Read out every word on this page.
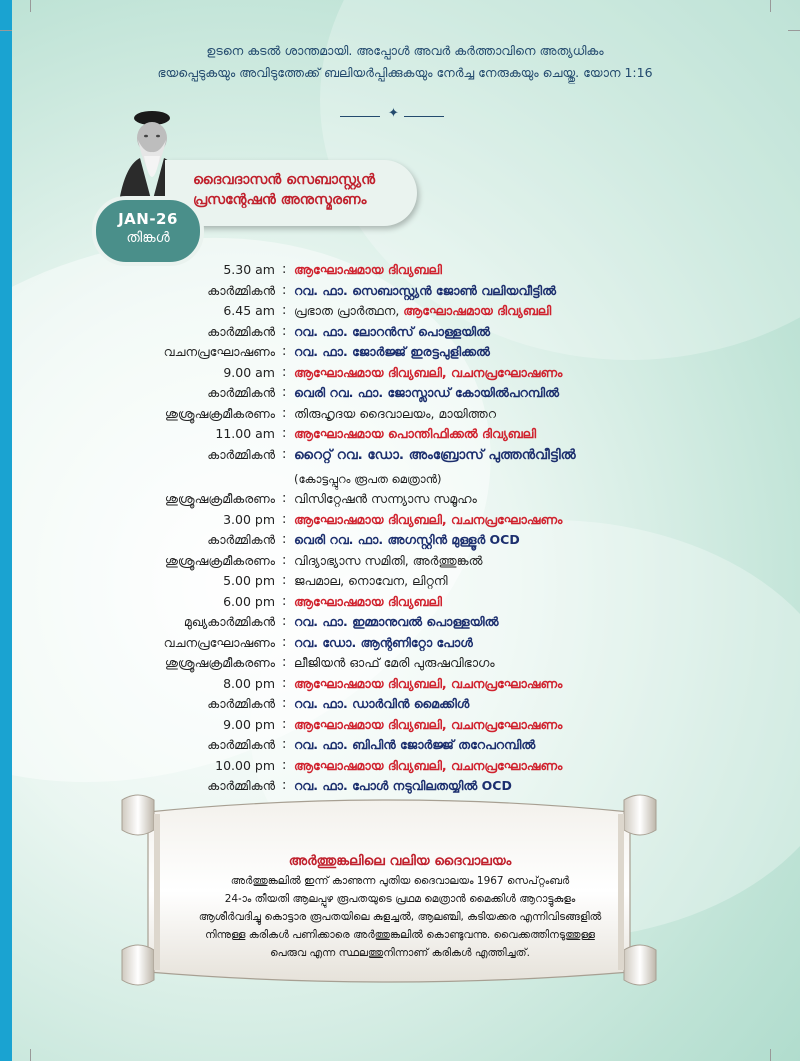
ഉടനെ കടൽ ശാന്തമായി. അപ്പോൾ അവർ കർത്താവിനെ അത്യധികം
ഭയപ്പെടുകയും അവിടുത്തേക്ക് ബലിയർപ്പിക്കുകയും നേർച്ച നേരുകയും ചെയ്തു. യോന 1:16
✦
ദൈവദാസൻ സെബാസ്റ്റ്യൻ
പ്രസന്റേഷൻ അനുസ്മരണം
JAN-26
തിങ്കൾ
5.30 am : ആഘോഷമായ ദിവ്യബലി
കാർമ്മികൻ : റവ. ഫാ. സെബാസ്റ്റ്യൻ ജോൺ വലിയവീട്ടിൽ
6.45 am : പ്രഭാത പ്രാർത്ഥന, ആഘോഷമായ ദിവ്യബലി
കാർമ്മികൻ : റവ. ഫാ. ലോറൻസ് പൊള്ളയിൽ
വചനപ്രഘോഷണം : റവ. ഫാ. ജോർജ്ജ് ഇരട്ടപുളിക്കൽ
9.00 am : ആഘോഷമായ ദിവ്യബലി, വചനപ്രഘോഷണം
കാർമ്മികൻ : വെരി റവ. ഫാ. ജോസ്ലാഡ് കോയിൽപറമ്പിൽ
ശുശ്രൂഷക്രമീകരണം : തിരുഹൃദയ ദൈവാലയം, മായിത്തറ
11.00 am : ആഘോഷമായ പൊന്തിഫിക്കൽ ദിവ്യബലി
കാർമ്മികൻ : റൈറ്റ് റവ. ഡോ. അംബ്രോസ് പുത്തൻവീട്ടിൽ
(കോട്ടപ്പുറം രൂപത മെത്രാൻ)
ശുശ്രൂഷക്രമീകരണം : വിസിറ്റേഷൻ സന്ന്യാസ സമൂഹം
3.00 pm : ആഘോഷമായ ദിവ്യബലി, വചനപ്രഘോഷണം
കാർമ്മികൻ : വെരി റവ. ഫാ. അഗസ്റ്റിൻ മുള്ളൂർ OCD
ശുശ്രൂഷക്രമീകരണം : വിദ്യാഭ്യാസ സമിതി, അർത്തുങ്കൽ
5.00 pm : ജപമാല, നൊവേന, ലിറ്റനി
6.00 pm : ആഘോഷമായ ദിവ്യബലി
മുഖ്യകാർമ്മികൻ : റവ. ഫാ. ഇമ്മാനുവൽ പൊള്ളയിൽ
വചനപ്രഘോഷണം : റവ. ഡോ. ആന്റണിറ്റോ പോൾ
ശുശ്രൂഷക്രമീകരണം : ലീജിയൻ ഓഫ് മേരി പുരുഷവിഭാഗം
8.00 pm : ആഘോഷമായ ദിവ്യബലി, വചനപ്രഘോഷണം
കാർമ്മികൻ : റവ. ഫാ. ഡാർവിൻ മൈക്കിൾ
9.00 pm : ആഘോഷമായ ദിവ്യബലി, വചനപ്രഘോഷണം
കാർമ്മികൻ : റവ. ഫാ. ബിപിൻ ജോർജ്ജ് തറേപറമ്പിൽ
10.00 pm : ആഘോഷമായ ദിവ്യബലി, വചനപ്രഘോഷണം
കാർമ്മികൻ : റവ. ഫാ. പോൾ നടുവിലതയ്യിൽ OCD
അർത്തുങ്കലിലെ വലിയ ദൈവാലയം
അർത്തുങ്കലിൽ ഇന്ന് കാണുന്ന പുതിയ ദൈവാലയം 1967 സെപ്റ്റംബർ
24-ാം തീയതി ആലപ്പുഴ രൂപതയുടെ പ്രഥമ മെത്രാൻ മൈക്കിൾ ആറാട്ടുകുളം
ആശീർവദിച്ചു കൊട്ടാര രൂപതയിലെ കുളച്ചൽ, ആലഞ്ചി, കടിയക്കര എന്നിവിടങ്ങളിൽ
നിന്നുള്ള കരികൾ പണിക്കാരെ അർത്തുങ്കലിൽ കൊണ്ടുവന്നു. വൈക്കത്തിനടുത്തുള്ള
പെരുവ എന്ന സ്ഥലത്തുനിന്നാണ് കരികൾ എത്തിച്ചത്.
